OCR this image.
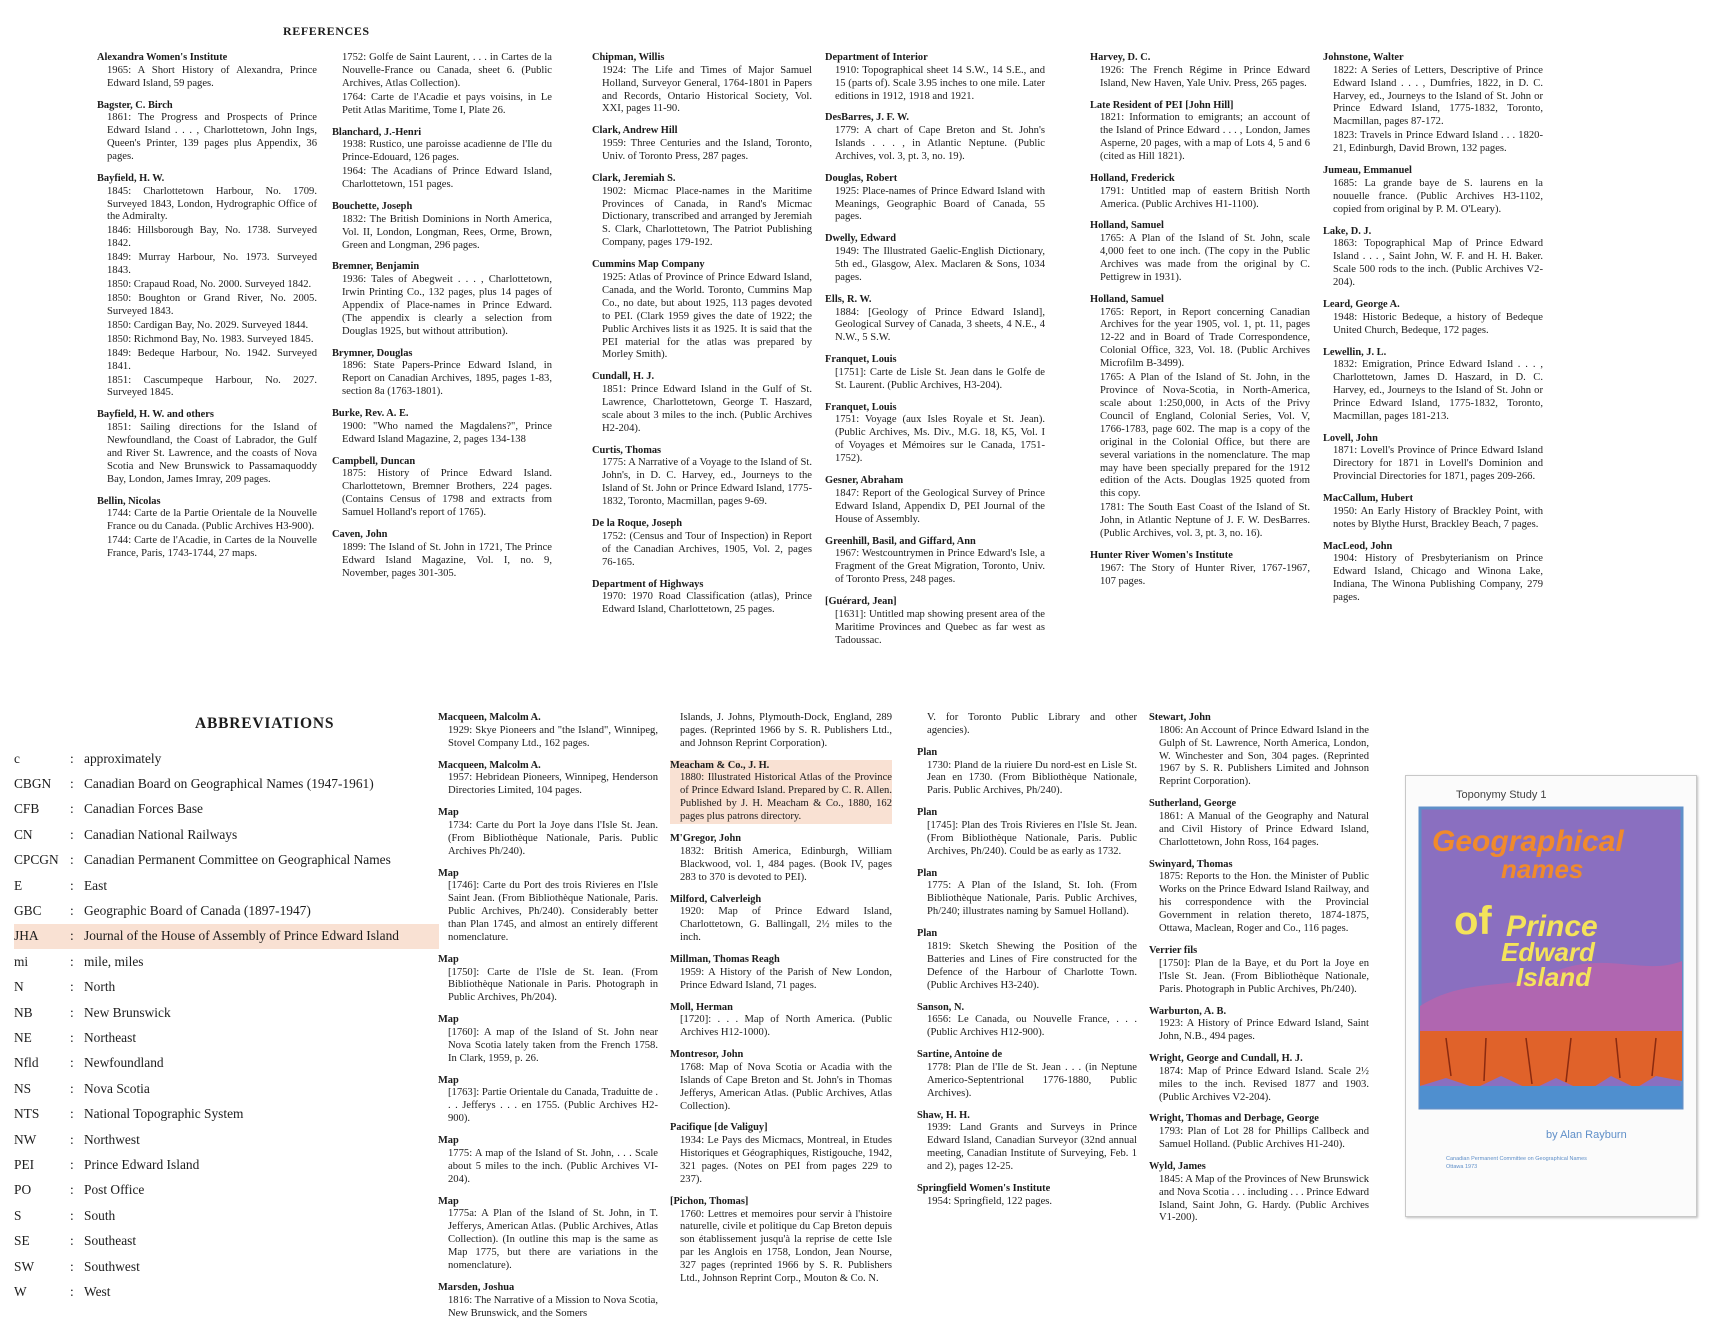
REFERENCES
Alexandra Women's Institute
1965: A Short History of Alexandra, Prince Edward Island, 59 pages.
Bagster, C. Birch
1861: The Progress and Prospects of Prince Edward Island . . . , Charlottetown, John Ings, Queen's Printer, 139 pages plus Appendix, 36 pages.
Bayfield, H. W.
1845: Charlottetown Harbour, No. 1709. Surveyed 1843, London, Hydrographic Office of the Admiralty.
1846: Hillsborough Bay, No. 1738. Surveyed 1842.
1849: Murray Harbour, No. 1973. Surveyed 1843.
1850: Crapaud Road, No. 2000. Surveyed 1842.
1850: Boughton or Grand River, No. 2005. Surveyed 1843.
1850: Cardigan Bay, No. 2029. Surveyed 1844.
1850: Richmond Bay, No. 1983. Surveyed 1845.
1849: Bedeque Harbour, No. 1942. Surveyed 1841.
1851: Cascumpeque Harbour, No. 2027. Surveyed 1845.
Bayfield, H. W. and others
1851: Sailing directions for the Island of Newfoundland, the Coast of Labrador, the Gulf and River St. Lawrence, and the coasts of Nova Scotia and New Brunswick to Passamaquoddy Bay, London, James Imray, 209 pages.
Bellin, Nicolas
1744: Carte de la Partie Orientale de la Nouvelle France ou du Canada. (Public Archives H3-900).
1744: Carte de l'Acadie, in Cartes de la Nouvelle France, Paris, 1743-1744, 27 maps.
1752: Golfe de Saint Laurent, . . . in Cartes de la Nouvelle-France ou Canada, sheet 6. (Public Archives, Atlas Collection).
1764: Carte de l'Acadie et pays voisins, in Le Petit Atlas Maritime, Tome I, Plate 26.
Blanchard, J.-Henri
1938: Rustico, une paroisse acadienne de l'Ile du Prince-Edouard, 126 pages.
1964: The Acadians of Prince Edward Island, Charlottetown, 151 pages.
Bouchette, Joseph
1832: The British Dominions in North America, Vol. II, London, Longman, Rees, Orme, Brown, Green and Longman, 296 pages.
Bremner, Benjamin
1936: Tales of Abegweit . . . , Charlottetown, Irwin Printing Co., 132 pages, plus 14 pages of Appendix of Place-names in Prince Edward. (The appendix is clearly a selection from Douglas 1925, but without attribution).
Brymner, Douglas
1896: State Papers-Prince Edward Island, in Report on Canadian Archives, 1895, pages 1-83, section 8a (1763-1801).
Burke, Rev. A. E.
1900: "Who named the Magdalens?", Prince Edward Island Magazine, 2, pages 134-138
Campbell, Duncan
1875: History of Prince Edward Island. Charlottetown, Bremner Brothers, 224 pages. (Contains Census of 1798 and extracts from Samuel Holland's report of 1765).
Caven, John
1899: The Island of St. John in 1721, The Prince Edward Island Magazine, Vol. I, no. 9, November, pages 301-305.
Chipman, Willis
1924: The Life and Times of Major Samuel Holland, Surveyor General, 1764-1801 in Papers and Records, Ontario Historical Society, Vol. XXI, pages 11-90.
Clark, Andrew Hill
1959: Three Centuries and the Island, Toronto, Univ. of Toronto Press, 287 pages.
Clark, Jeremiah S.
1902: Micmac Place-names in the Maritime Provinces of Canada, in Rand's Micmac Dictionary, transcribed and arranged by Jeremiah S. Clark, Charlottetown, The Patriot Publishing Company, pages 179-192.
Cummins Map Company
1925: Atlas of Province of Prince Edward Island, Canada, and the World. Toronto, Cummins Map Co., no date, but about 1925, 113 pages devoted to PEI. (Clark 1959 gives the date of 1922; the Public Archives lists it as 1925. It is said that the PEI material for the atlas was prepared by Morley Smith).
Cundall, H. J.
1851: Prince Edward Island in the Gulf of St. Lawrence, Charlottetown, George T. Haszard, scale about 3 miles to the inch. (Public Archives H2-204).
Curtis, Thomas
1775: A Narrative of a Voyage to the Island of St. John's, in D. C. Harvey, ed., Journeys to the Island of St. John or Prince Edward Island, 1775-1832, Toronto, Macmillan, pages 9-69.
De la Roque, Joseph
1752: (Census and Tour of Inspection) in Report of the Canadian Archives, 1905, Vol. 2, pages 76-165.
Department of Highways
1970: 1970 Road Classification (atlas), Prince Edward Island, Charlottetown, 25 pages.
Department of Interior
1910: Topographical sheet 14 S.W., 14 S.E., and 15 (parts of). Scale 3.95 inches to one mile. Later editions in 1912, 1918 and 1921.
DesBarres, J. F. W.
1779: A chart of Cape Breton and St. John's Islands . . . , in Atlantic Neptune. (Public Archives, vol. 3, pt. 3, no. 19).
Douglas, Robert
1925: Place-names of Prince Edward Island with Meanings, Geographic Board of Canada, 55 pages.
Dwelly, Edward
1949: The Illustrated Gaelic-English Dictionary, 5th ed., Glasgow, Alex. Maclaren & Sons, 1034 pages.
Ells, R. W.
1884: [Geology of Prince Edward Island], Geological Survey of Canada, 3 sheets, 4 N.E., 4 N.W., 5 S.W.
Franquet, Louis
[1751]: Carte de Lisle St. Jean dans le Golfe de St. Laurent. (Public Archives, H3-204).
Franquet, Louis
1751: Voyage (aux Isles Royale et St. Jean). (Public Archives, Ms. Div., M.G. 18, K5, Vol. I of Voyages et Mémoires sur le Canada, 1751-1752).
Gesner, Abraham
1847: Report of the Geological Survey of Prince Edward Island, Appendix D, PEI Journal of the House of Assembly.
Greenhill, Basil, and Giffard, Ann
1967: Westcountrymen in Prince Edward's Isle, a Fragment of the Great Migration, Toronto, Univ. of Toronto Press, 248 pages.
[Guérard, Jean]
[1631]: Untitled map showing present area of the Maritime Provinces and Quebec as far west as Tadoussac.
Harvey, D. C.
1926: The French Régime in Prince Edward Island, New Haven, Yale Univ. Press, 265 pages.
Late Resident of PEI [John Hill]
1821: Information to emigrants; an account of the Island of Prince Edward . . . , London, James Asperne, 20 pages, with a map of Lots 4, 5 and 6 (cited as Hill 1821).
Holland, Frederick
1791: Untitled map of eastern British North America. (Public Archives H1-1100).
Holland, Samuel
1765: A Plan of the Island of St. John, scale 4,000 feet to one inch. (The copy in the Public Archives was made from the original by C. Pettigrew in 1931).
Holland, Samuel
1765: Report, in Report concerning Canadian Archives for the year 1905, vol. 1, pt. 11, pages 12-22 and in Board of Trade Correspondence, Colonial Office, 323, Vol. 18. (Public Archives Microfilm B-3499).
1765: A Plan of the Island of St. John, in the Province of Nova-Scotia, in North-America, scale about 1:250,000, in Acts of the Privy Council of England, Colonial Series, Vol. V, 1766-1783, page 602. The map is a copy of the original in the Colonial Office, but there are several variations in the nomenclature. The map may have been specially prepared for the 1912 edition of the Acts. Douglas 1925 quoted from this copy.
1781: The South East Coast of the Island of St. John, in Atlantic Neptune of J. F. W. DesBarres. (Public Archives, vol. 3, pt. 3, no. 16).
Hunter River Women's Institute
1967: The Story of Hunter River, 1767-1967, 107 pages.
Johnstone, Walter
1822: A Series of Letters, Descriptive of Prince Edward Island . . . , Dumfries, 1822, in D. C. Harvey, ed., Journeys to the Island of St. John or Prince Edward Island, 1775-1832, Toronto, Macmillan, pages 87-172.
1823: Travels in Prince Edward Island . . . 1820-21, Edinburgh, David Brown, 132 pages.
Jumeau, Emmanuel
1685: La grande baye de S. laurens en la nouuelle france. (Public Archives H3-1102, copied from original by P. M. O'Leary).
Lake, D. J.
1863: Topographical Map of Prince Edward Island . . . , Saint John, W. F. and H. H. Baker. Scale 500 rods to the inch. (Public Archives V2-204).
Leard, George A.
1948: Historic Bedeque, a history of Bedeque United Church, Bedeque, 172 pages.
Lewellin, J. L.
1832: Emigration, Prince Edward Island . . . , Charlottetown, James D. Haszard, in D. C. Harvey, ed., Journeys to the Island of St. John or Prince Edward Island, 1775-1832, Toronto, Macmillan, pages 181-213.
Lovell, John
1871: Lovell's Province of Prince Edward Island Directory for 1871 in Lovell's Dominion and Provincial Directories for 1871, pages 209-266.
MacCallum, Hubert
1950: An Early History of Brackley Point, with notes by Blythe Hurst, Brackley Beach, 7 pages.
MacLeod, John
1904: History of Presbyterianism on Prince Edward Island, Chicago and Winona Lake, Indiana, The Winona Publishing Company, 279 pages.
ABBREVIATIONS
c	: approximately
CBGN	: Canadian Board on Geographical Names (1947-1961)
CFB	: Canadian Forces Base
CN	: Canadian National Railways
CPCGN : Canadian Permanent Committee on Geographical Names
E	: East
GBC	: Geographic Board of Canada (1897-1947)
JHA	: Journal of the House of Assembly of Prince Edward Island
mi	: mile, miles
N	: North
NB	: New Brunswick
NE	: Northeast
Nfld	: Newfoundland
NS	: Nova Scotia
NTS	: National Topographic System
NW	: Northwest
PEI	: Prince Edward Island
PO	: Post Office
S	: South
SE	: Southeast
SW	: Southwest
W	: West
Macqueen, Malcolm A.
1929: Skye Pioneers and "the Island", Winnipeg, Stovel Company Ltd., 162 pages.
Macqueen, Malcolm A.
1957: Hebridean Pioneers, Winnipeg, Henderson Directories Limited, 104 pages.
Map
1734: Carte du Port la Joye dans l'Isle St. Jean. (From Bibliothèque Nationale, Paris. Public Archives Ph/240).
Map
[1746]: Carte du Port des trois Rivieres en l'Isle Saint Jean. (From Bibliothèque Nationale, Paris. Public Archives, Ph/240). Considerably better than Plan 1745, and almost an entirely different nomenclature.
Map
[1750]: Carte de l'Isle de St. Iean. (From Bibliothèque Nationale in Paris. Photograph in Public Archives, Ph/204).
Map
[1760]: A map of the Island of St. John near Nova Scotia lately taken from the French 1758. In Clark, 1959, p. 26.
Map
[1763]: Partie Orientale du Canada, Traduitte de . . . Jefferys . . . en 1755. (Public Archives H2-900).
Map
1775: A map of the Island of St. John, . . . Scale about 5 miles to the inch. (Public Archives VI-204).
Map
1775a: A Plan of the Island of St. John, in T. Jefferys, American Atlas. (Public Archives, Atlas Collection). (In outline this map is the same as Map 1775, but there are variations in the nomenclature).
Marsden, Joshua
1816: The Narrative of a Mission to Nova Scotia, New Brunswick, and the Somers
Islands, J. Johns, Plymouth-Dock, England, 289 pages. (Reprinted 1966 by S. R. Publishers Ltd., and Johnson Reprint Corporation).
Meacham & Co., J. H.
1880: Illustrated Historical Atlas of the Province of Prince Edward Island. Prepared by C. R. Allen. Published by J. H. Meacham & Co., 1880, 162 pages plus patrons directory.
M'Gregor, John
1832: British America, Edinburgh, William Blackwood, vol. 1, 484 pages. (Book IV, pages 283 to 370 is devoted to PEI).
Milford, Calverleigh
1920: Map of Prince Edward Island, Charlottetown, G. Ballingall, 2½ miles to the inch.
Millman, Thomas Reagh
1959: A History of the Parish of New London, Prince Edward Island, 71 pages.
Moll, Herman
[1720]: . . . Map of North America. (Public Archives H12-1000).
Montresor, John
1768: Map of Nova Scotia or Acadia with the Islands of Cape Breton and St. John's in Thomas Jefferys, American Atlas. (Public Archives, Atlas Collection).
Pacifique [de Valiguy]
1934: Le Pays des Micmacs, Montreal, in Etudes Historiques et Géographiques, Ristigouche, 1942, 321 pages. (Notes on PEI from pages 229 to 237).
[Pichon, Thomas]
1760: Lettres et memoires pour servir à l'histoire naturelle, civile et politique du Cap Breton depuis son établissement jusqu'à la reprise de cette Isle par les Anglois en 1758, London, Jean Nourse, 327 pages (reprinted 1966 by S. R. Publishers Ltd., Johnson Reprint Corp., Mouton & Co. N.
V. for Toronto Public Library and other agencies).
Plan
1730: Pland de la riuiere Du nord-est en Lisle St. Jean en 1730. (From Bibliothèque Nationale, Paris. Public Archives, Ph/240).
Plan
[1745]: Plan des Trois Rivieres en l'Isle St. Jean. (From Bibliothèque Nationale, Paris. Public Archives, Ph/240). Could be as early as 1732.
Plan
1775: A Plan of the Island, St. Ioh. (From Bibliothèque Nationale, Paris. Public Archives, Ph/240; illustrates naming by Samuel Holland).
Plan
1819: Sketch Shewing the Position of the Batteries and Lines of Fire constructed for the Defence of the Harbour of Charlotte Town. (Public Archives H3-240).
Sanson, N.
1656: Le Canada, ou Nouvelle France, . . . (Public Archives H12-900).
Sartine, Antoine de
1778: Plan de l'Ile de St. Jean . . . (in Neptune Americo-Septentrional 1776-1880, Public Archives).
Shaw, H. H.
1939: Land Grants and Surveys in Prince Edward Island, Canadian Surveyor (32nd annual meeting, Canadian Institute of Surveying, Feb. 1 and 2), pages 12-25.
Springfield Women's Institute
1954: Springfield, 122 pages.
Stewart, John
1806: An Account of Prince Edward Island in the Gulph of St. Lawrence, North America, London, W. Winchester and Son, 304 pages. (Reprinted 1967 by S. R. Publishers Limited and Johnson Reprint Corporation).
Sutherland, George
1861: A Manual of the Geography and Natural and Civil History of Prince Edward Island, Charlottetown, John Ross, 164 pages.
Swinyard, Thomas
1875: Reports to the Hon. the Minister of Public Works on the Prince Edward Island Railway, and his correspondence with the Provincial Government in relation thereto, 1874-1875, Ottawa, Maclean, Roger and Co., 116 pages.
Verrier fils
[1750]: Plan de la Baye, et du Port la Joye en l'Isle St. Jean. (From Bibliothèque Nationale, Paris. Photograph in Public Archives, Ph/240).
Warburton, A. B.
1923: A History of Prince Edward Island, Saint John, N.B., 494 pages.
Wright, George and Cundall, H. J.
1874: Map of Prince Edward Island. Scale 2½ miles to the inch. Revised 1877 and 1903. (Public Archives V2-204).
Wright, Thomas and Derbage, George
1793: Plan of Lot 28 for Phillips Callbeck and Samuel Holland. (Public Archives H1-240).
Wyld, James
1845: A Map of the Provinces of New Brunswick and Nova Scotia . . . including . . . Prince Edward Island, Saint John, G. Hardy. (Public Archives V1-200).
Toponymy Study 1
Geographical
names
of Prince
Edward
Island
by Alan Rayburn
Canadian Permanent Committee on Geographical Names
Ottawa 1973
